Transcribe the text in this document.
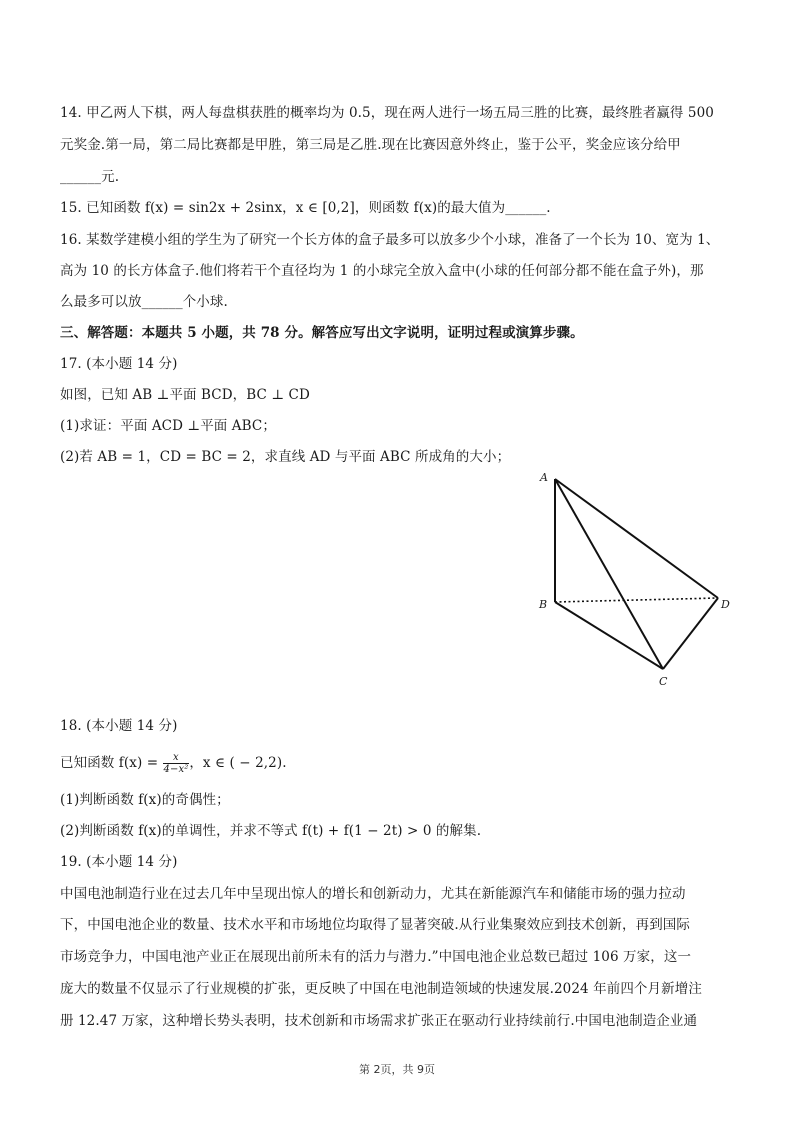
14. 甲乙两人下棋，两人每盘棋获胜的概率均为 0.5，现在两人进行一场五局三胜的比赛，最终胜者赢得 500
元奖金.第一局，第二局比赛都是甲胜，第三局是乙胜.现在比赛因意外终止，鉴于公平，奖金应该分给甲
______元.
15. 已知函数 f(x) = sin2x + 2sinx，x ∈ [0,2]，则函数 f(x)的最大值为______.
16. 某数学建模小组的学生为了研究一个长方体的盒子最多可以放多少个小球，准备了一个长为 10、宽为 1、
高为 10 的长方体盒子.他们将若干个直径均为 1 的小球完全放入盒中(小球的任何部分都不能在盒子外)，那
么最多可以放______个小球.
三、解答题：本题共 5 小题，共 78 分。解答应写出文字说明，证明过程或演算步骤。
17. (本小题 14 分)
如图，已知 AB ⊥平面 BCD，BC ⊥ CD
(1)求证：平面 ACD ⊥平面 ABC；
(2)若 AB = 1，CD = BC = 2，求直线 AD 与平面 ABC 所成角的大小；
A
B
C
D
18. (本小题 14 分)
已知函数 $f(x) = \frac{x}{\text{4−x²}}$ ，x ∈ ( − 2,2).
(1)判断函数 f(x)的奇偶性；
(2)判断函数 f(x)的单调性，并求不等式 f(t) + f(1 − 2t) > 0 的解集.
19. (本小题 14 分)
中国电池制造行业在过去几年中呈现出惊人的增长和创新动力，尤其在新能源汽车和储能市场的强力拉动
下，中国电池企业的数量、技术水平和市场地位均取得了显著突破.从行业集聚效应到技术创新，再到国际
市场竞争力，中国电池产业正在展现出前所未有的活力与潜力.”中国电池企业总数已超过 106 万家，这一
庞大的数量不仅显示了行业规模的扩张，更反映了中国在电池制造领域的快速发展.2024 年前四个月新增注
册 12.47 万家，这种增长势头表明，技术创新和市场需求扩张正在驱动行业持续前行.中国电池制造企业通
第 2页，共 9页
